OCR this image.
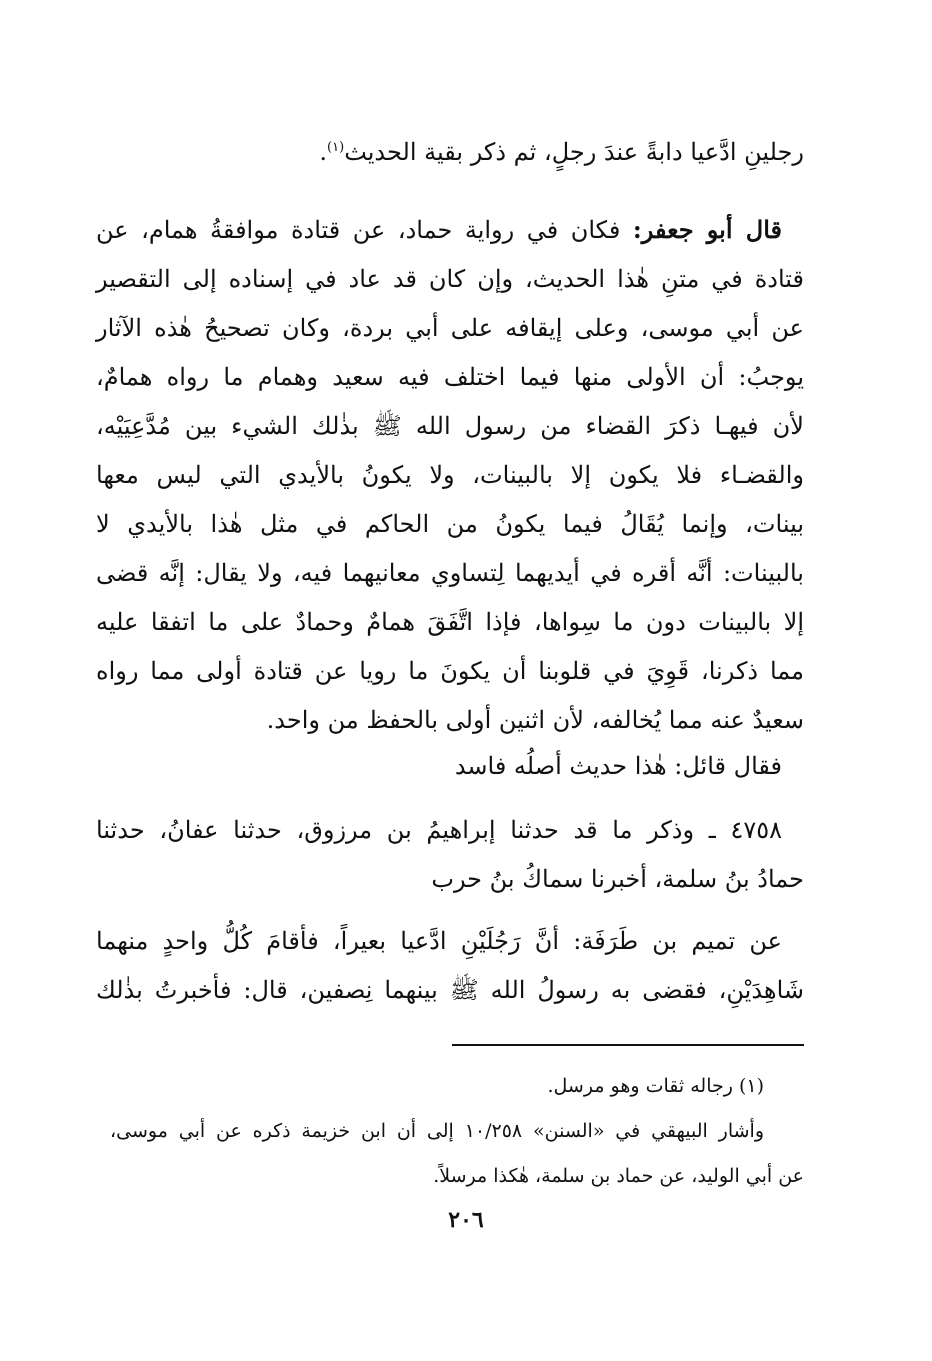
رجلينِ ادَّعيا دابةً عندَ رجلٍ، ثم ذكر بقية الحديث$^{(١)}$.
قال أبو جعفر: فكان في رواية حماد، عن قتادة موافقةُ همام، عن
قتادة في متنِ هٰذا الحديث، وإن كان قد عاد في إسناده إلى التقصير
عن أبي موسى، وعلى إيقافه على أبي بردة، وكان تصحيحُ هٰذه الآثار
يوجبُ: أن الأولى منها فيما اختلف فيه سعيد وهمام ما رواه همامٌ،
لأن فيهـا ذكرَ القضاء من رسول الله ﷺ بذٰلك الشيء بين مُدَّعِيَيْه،
والقضـاء فلا يكون إلا بالبينات، ولا يكونُ بالأيدي التي ليس معها
بينات، وإنما يُقَالُ فيما يكونُ من الحاكم في مثل هٰذا بالأيدي لا
بالبينات: أنَّه أقره في أيديهما لِتساوي معانيهما فيه، ولا يقال: إنَّه قضى
إلا بالبينات دون ما سِواها، فإذا اتَّفَقَ همامٌ وحمادٌ على ما اتفقا عليه
مما ذكرنا، قَوِيَ في قلوبنا أن يكونَ ما رويا عن قتادة أولى مما رواه
سعيدٌ عنه مما يُخالفه، لأن اثنين أولى بالحفظ من واحد.
فقال قائل: هٰذا حديث أصلُه فاسد
٤٧٥٨ ـ وذكر ما قد حدثنا إبراهيمُ بن مرزوق، حدثنا عفانُ، حدثنا
حمادُ بنُ سلمة، أخبرنا سماكُ بنُ حرب
عن تميم بن طَرَفَة: أنَّ رَجُلَيْنِ ادَّعيا بعيراً، فأقامَ كُلُّ واحدٍ منهما
شَاهِدَيْنِ، فقضى به رسولُ الله ﷺ بينهما نِصفين، قال: فأخبرتُ بذٰلك
(١) رجاله ثقات وهو مرسل.
وأشار البيهقي في «السنن» ١٠/٢٥٨ إلى أن ابن خزيمة ذكره عن أبي موسى،
عن أبي الوليد، عن حماد بن سلمة، هٰكذا مرسلاً.
٢٠٦
